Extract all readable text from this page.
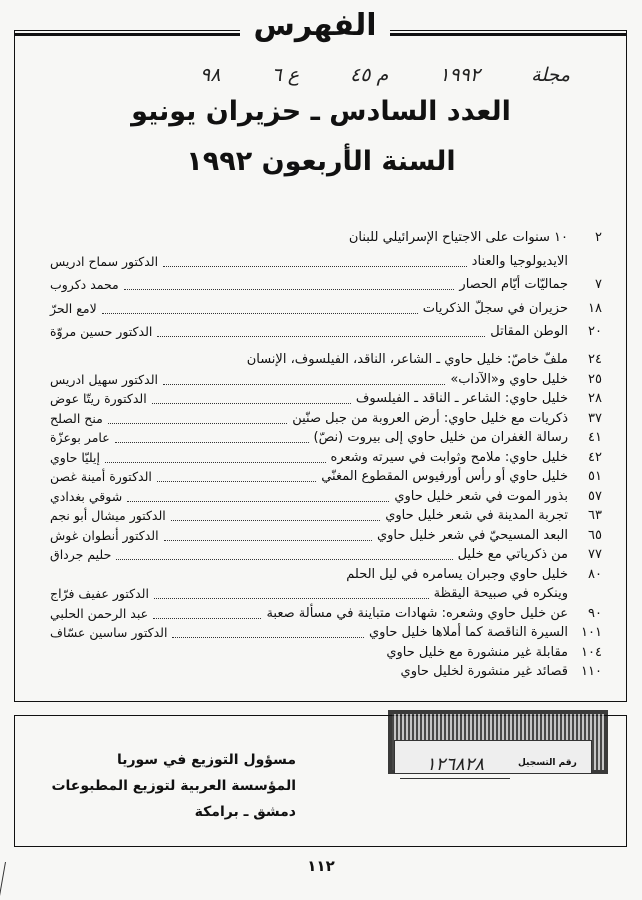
الفهرس
مجلة
١٩٩٢
م ٤٥
ع ٦
٩٨
العدد السادس ـ حزيران يونيو
السنة الأربعون ١٩٩٢
٢
١٠ سنوات على الاجتياح الإسرائيلي للبنان
الايديولوجيا والعناد
الدكتور سماح ادريس
٧
جماليّات أيّام الحصار
محمد دكروب
١٨
حزيران في سجلّ الذكريات
لامع الحرّ
٢٠
الوطن المقاتل
الدكتور حسين مروّة
٢٤
ملفّ خاصّ: خليل حاوي ـ الشاعر، الناقد، الفيلسوف، الإنسان
٢٥
خليل حاوي و«الآداب»
الدكتور سهيل ادريس
٢٨
خليل حاوي: الشاعر ـ الناقد ـ الفيلسوف
الدكتورة ريتّا عوض
٣٧
ذكريات مع خليل حاوي: أرض العروبة من جبل صنّين
منح الصلح
٤١
رسالة الغفران من خليل حاوي إلى بيروت (نصّ)
عامر بوعزّة
٤٢
خليل حاوي: ملامح وثوابت في سيرته وشعره
إيليّا حاوي
٥١
خليل حاوي أو رأس أورفيوس المقطوع المغنّي
الدكتورة أمينة غصن
٥٧
بذور الموت في شعر خليل حاوي
شوقي بغدادي
٦٣
تجربة المدينة في شعر خليل حاوي
الدكتور ميشال أبو نجم
٦٥
البعد المسيحيّ في شعر خليل حاوي
الدكتور أنطوان غوش
٧٧
من ذكرياتي مع خليل
حليم جرداق
٨٠
خليل حاوي وجبران يسامره في ليل الحلم
وينكره في صبيحة اليقظة
الدكتور عفيف فرّاج
٩٠
عن خليل حاوي وشعره: شهادات متباينة في مسألة صعبة
عبد الرحمن الحلبي
١٠١
السيرة الناقصة كما أملاها خليل حاوي
الدكتور ساسين عسّاف
١٠٤
مقابلة غير منشورة مع خليل حاوي
١١٠
قصائد غير منشورة لخليل حاوي
رقم التسجيل
١٢٦٨٢٨
مسؤول التوزيع في سوريا
المؤسسة العربية لتوزيع المطبوعات
دمشق ـ برامكة
١١٢
